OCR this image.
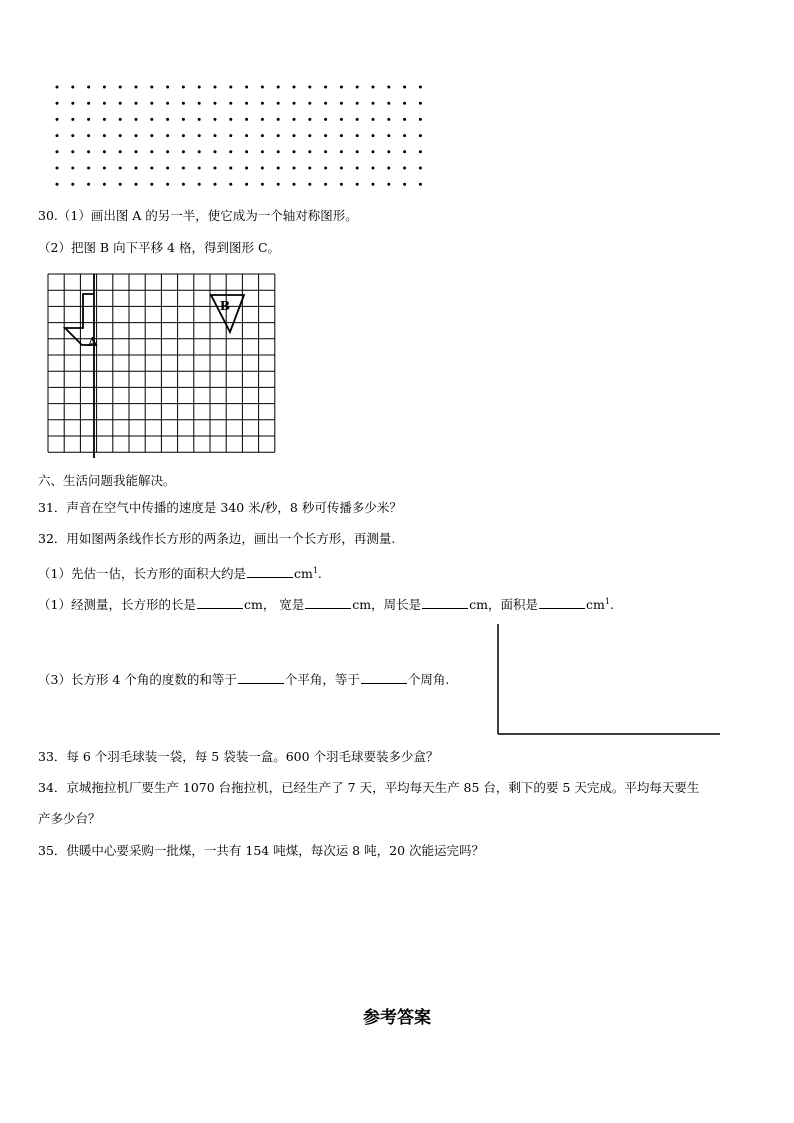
30.（1）画出图 A 的另一半，使它成为一个轴对称图形。
（2）把图 B 向下平移 4 格，得到图形 C。
A
B
六、生活问题我能解决。
31．声音在空气中传播的速度是 340 米/秒，8 秒可传播多少米？
32．用如图两条线作长方形的两条边，画出一个长方形，再测量.
（1）先估一估，长方形的面积大约是	$cm^1$.
（1）经测量，长方形的长是	cm， 宽是	cm，周长是	cm，面积是	$cm^1$.
（3）长方形 4 个角的度数的和等于	个平角，等于	个周角.
33．每 6 个羽毛球装一袋，每 5 袋装一盒。600 个羽毛球要装多少盒？
34．京城拖拉机厂要生产 1070 台拖拉机，已经生产了 7 天，平均每天生产 85 台，剩下的要 5 天完成。平均每天要生
产多少台？
35．供暖中心要采购一批煤，一共有 154 吨煤，每次运 8 吨，20 次能运完吗？
参考答案
